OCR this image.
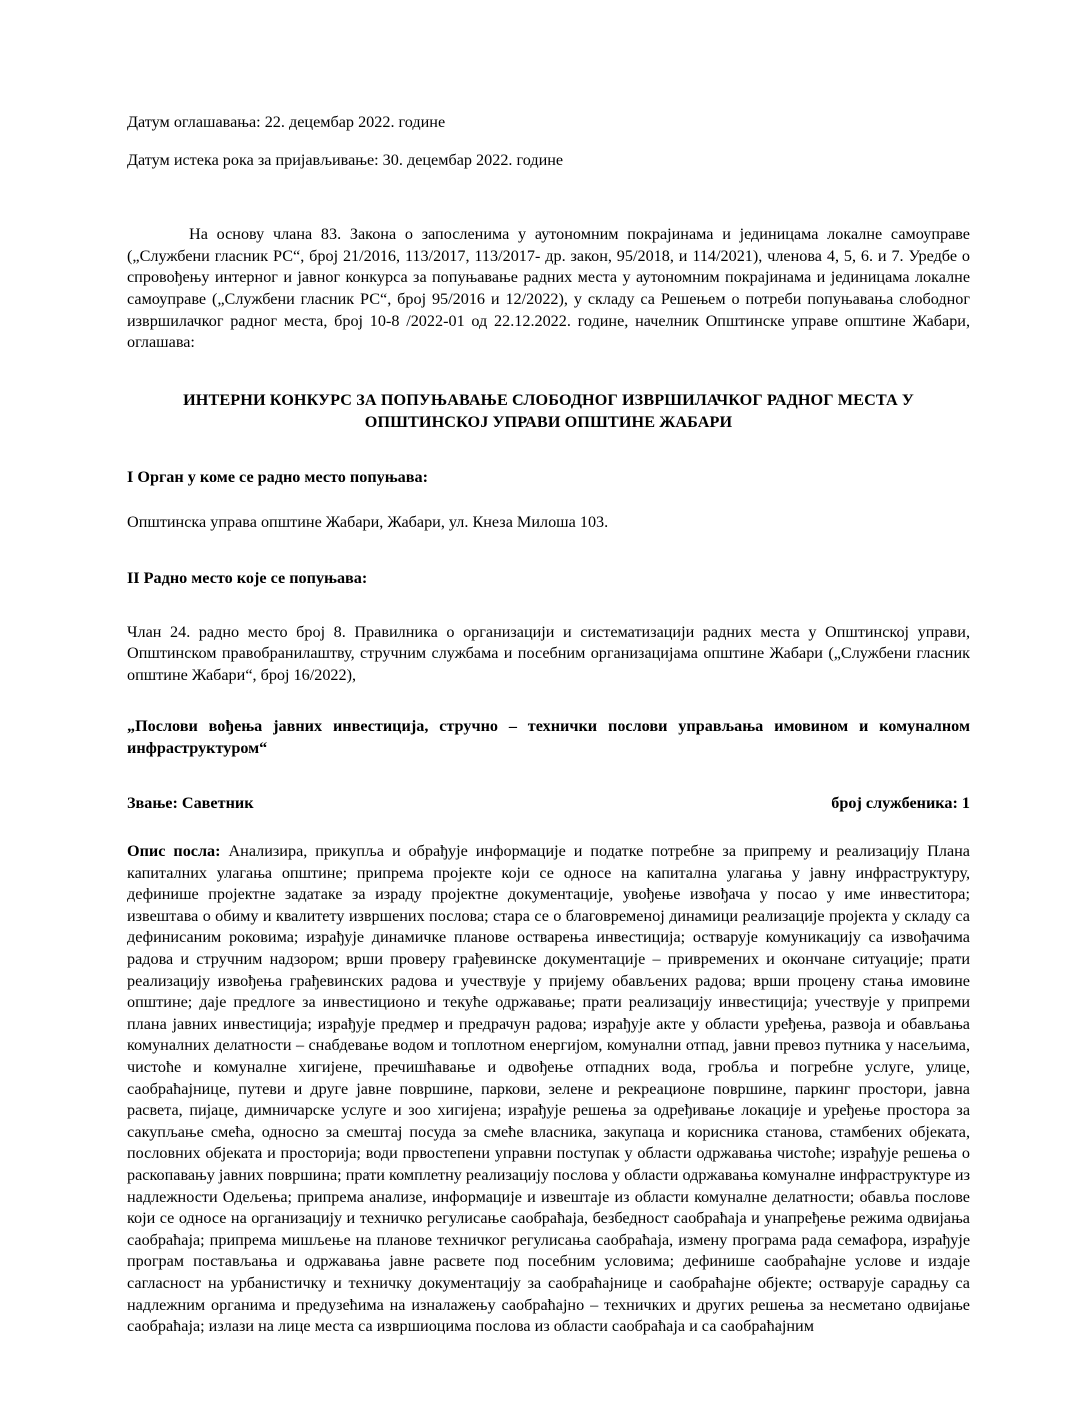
Датум оглашавања: 22. децембар 2022. године

Датум истека рока за пријављивање: 30. децембар 2022. године

На основу члана 83. Закона о запосленима у аутономним покрајинама и јединицама локалне самоуправе („Службени гласник РС“, број 21/2016, 113/2017, 113/2017- др. закон, 95/2018, и 114/2021), членова 4, 5, 6. и 7. Уредбе о спровођењу интерног и јавног конкурса за попуњавање радних места у аутономним покрајинама и јединицама локалне самоуправе („Службени гласник РС“, број 95/2016 и 12/2022), у складу са Решењем о потреби попуњавања слободног извршилачког радног места, број 10-8 /2022-01 од 22.12.2022. године, начелник Општинске управе општине Жабари, оглашава:

ИНТЕРНИ КОНКУРС ЗА ПОПУЊАВАЊЕ СЛОБОДНОГ ИЗВРШИЛАЧКОГ РАДНОГ МЕСТА У

ОПШТИНСКОЈ УПРАВИ ОПШТИНЕ ЖАБАРИ

I Орган у коме се радно место попуњава:

Општинска управа општине Жабари, Жабари, ул. Кнеза Милоша 103.

II Радно место које се попуњава:

Члан 24. радно место број 8. Правилника о организацији и систематизацији радних места у Општинској управи, Општинском правобранилаштву, стручним службама и посебним организацијама општине Жабари („Службени гласник општине Жабари“, број 16/2022),

„Послови вођења јавних инвестиција, стручно – технички послови управљања имовином и комуналном инфраструктуром“

Звање: Саветник	број службеника: 1

Опис посла: Анализира, прикупља и обрађује информације и податке потребне за припрему и реализацију Плана капиталних улагања општине; припрема пројекте који се односе на капитална улагања у јавну инфраструктуру, дефинише пројектне задатаке за израду пројектне документације, увођење извођача у посао у име инвеститора; извештава о обиму и квалитету извршених послова; стара се о благовременој динамици реализације пројекта у складу са дефинисаним роковима; израђује динамичке планове остварења инвестиција; остварује комуникацију са извођачима радова и стручним надзором; врши проверу грађевинске документације – привремених и окончане ситуације; прати реализацију извођења грађевинских радова и учествује у пријему обављених радова; врши процену стања имовине општине; даје предлоге за инвестиционо и текуће одржавање; прати реализацију инвестиција; учествује у припреми плана јавних инвестиција; израђује предмер и предрачун радова; израђује акте у области уређења, развоја и обављања комуналних делатности – снабдевање водом и топлотном енергијом, комунални отпад, јавни превоз путника у насељима, чистоће и комуналне хигијене, пречишћавање и одвођење отпадних вода, гробља и погребне услуге, улице, саобраћајнице, путеви и друге јавне површине, паркови, зелене и рекреационе површине, паркинг простори, јавна расвета, пијаце, димничарске услуге и зоо хигијена; израђује решења за одређивање локације и уређење простора за сакупљање смећа, односно за смештај посуда за смеће власника, закупаца и корисника станова, стамбених објеката, пословних објеката и просторија; води првостепени управни поступак у области одржавања чистоће; израђује решења о раскопавању јавних површина; прати комплетну реализацију послова у области одржавања комуналне инфраструктуре из надлежности Одељења; припрема анализе, информације и извештаје из области комуналне делатности; обавља послове који се односе на организацију и техничко регулисање саобраћаја, безбедност саобраћаја и унапређење режима одвијања саобраћаја; припрема мишљење на планове техничког регулисања саобраћаја, измену програма рада семафора, израђује програм постављања и одржавања јавне расвете под посебним условима; дефинише саобраћајне услове и издаје сагласност на урбанистичку и техничку документацију за саобраћајнице и саобраћајне објекте; остварује сарадњу са надлежним органима и предузећима на изналажењу саобраћајно – техничких и других решења за несметано одвијање саобраћаја; излази на лице места са извршиоцима послова из области саобраћаја и са саобраћајним
